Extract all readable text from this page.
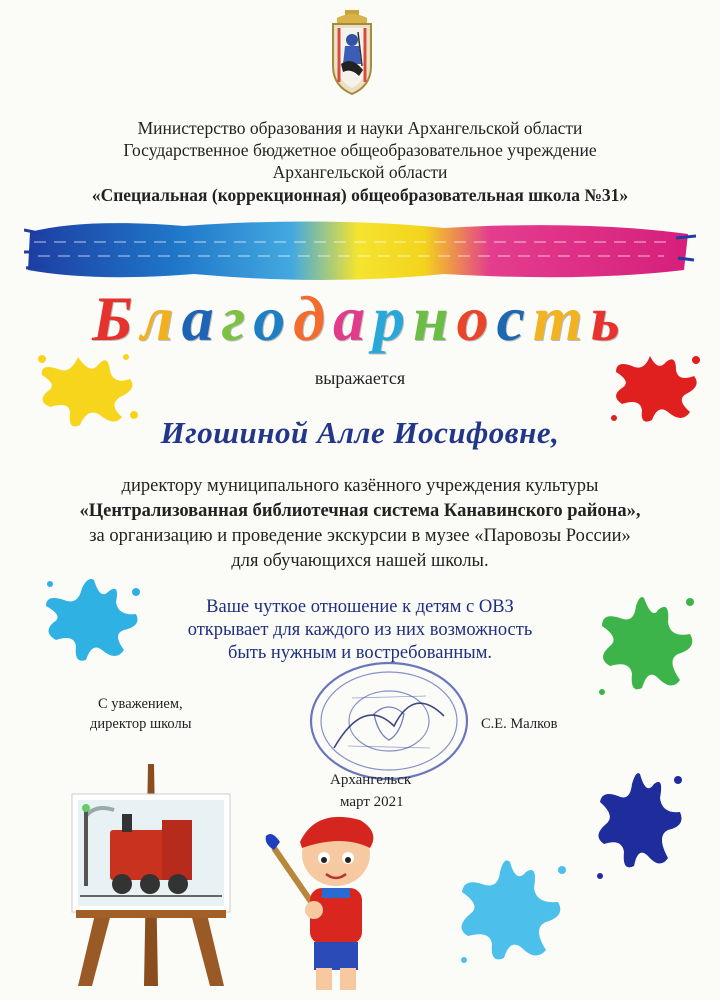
Министерство образования и науки Архангельской области
Государственное бюджетное общеобразовательное учреждение
Архангельской области
«Специальная (коррекционная) общеобразовательная школа №31»
Благодарность
выражается
Игошиной Алле Иосифовне,
директору муниципального казённого учреждения культуры
«Централизованная библиотечная система Канавинского района»,
за организацию и проведение экскурсии в музее «Паровозы России»
для обучающихся нашей школы.
Ваше чуткое отношение к детям с ОВЗ
открывает для каждого из них возможность
быть нужным и востребованным.
С уважением,
директор школы	С.Е. Малков
Архангельск
март 2021
